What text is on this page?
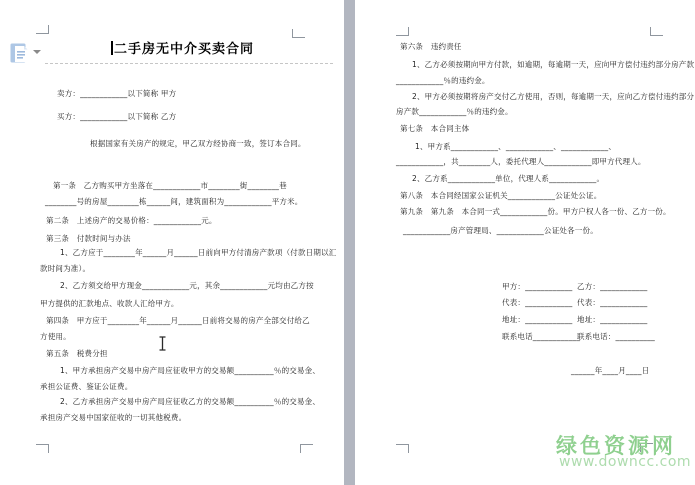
二手房无中介买卖合同
卖方：____________以下简称 甲方
买方：____________以下简称 乙方
根据国家有关房产的规定，甲乙双方经协商一致，签订本合同。
第一条　乙方购买甲方坐落在____________市________街________巷
________号的房屋________栋______间，建筑面积为____________平方米。
第二条　上述房产的交易价格：____________元。
第三条　付款时间与办法
1、乙方应于________年______月______日前向甲方付清房产款项（付款日期以汇
款时间为准）。
2、乙方须交给甲方现金____________元，其余____________元均由乙方按
甲方提供的汇款地点、收款人汇给甲方。
第四条　甲方应于________年______月______日前将交易的房产全部交付给乙
方使用。
第五条　税费分担
1、甲方承担房产交易中房产局应征收甲方的交易额__________％的交易金、
承担公证费、鉴证公证费。
2、乙方承担房产交易中房产局应征收乙方的交易额__________％的交易金、
承担房产交易中国家征收的一切其他税费。
第六条　违约责任
1、乙方必须按期向甲方付款，如逾期，每逾期一天，应向甲方偿付违约部分房产款
____________％的违约金。
2、甲方必须按期将房产交付乙方使用，否则，每逾期一天，应向乙方偿付违约部分
房产款____________％的违约金。
第七条　本合同主体
1、甲方系____________、____________、____________、
____________，共________人，委托代理人____________即甲方代理人。
2、乙方系____________单位，代理人系____________。
第八条　本合同经国家公证机关____________公证处公证。
第九条　第九条　本合同一式____________份。甲方户权人各一份、乙方一份。
____________房产管理局、____________公证处各一份。
甲方：____________
代表：____________
地址：____________
联系电话____________
乙方：____________
代表：____________
地址：____________
联系电话：__________
______年____月____日
绿色资源网
www.downcc.com
